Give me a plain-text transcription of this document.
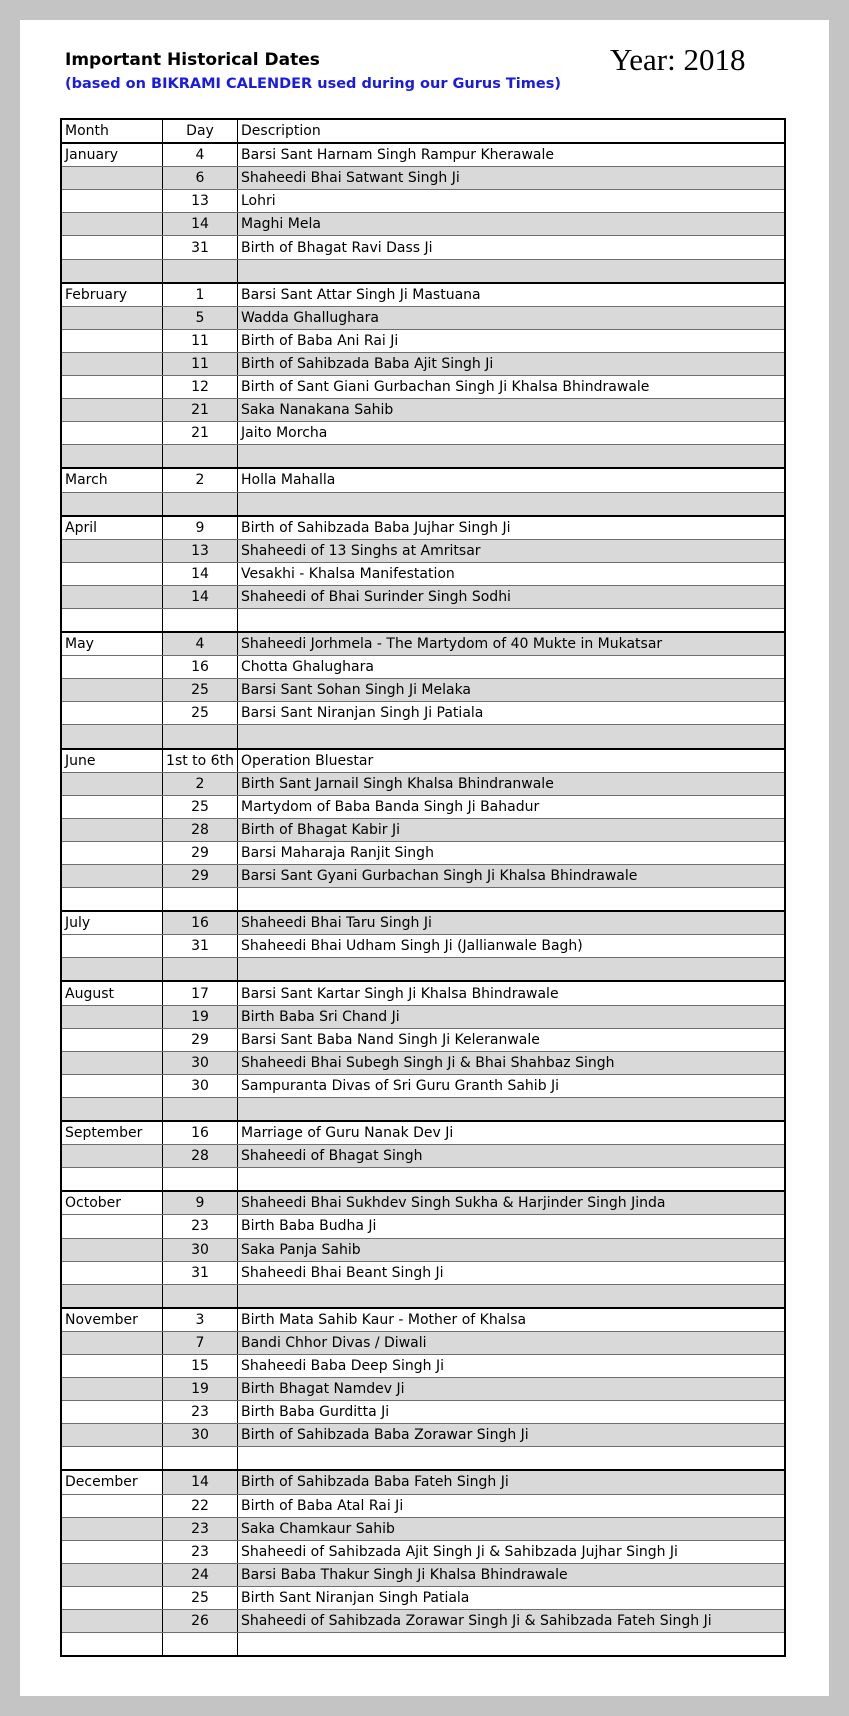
Important Historical Dates
(based on BIKRAMI CALENDER used during our Gurus Times)
Year: 2018
Month	Day	Description
January	4	Barsi Sant Harnam Singh Rampur Kherawale
	6	Shaheedi Bhai Satwant Singh Ji
	13	Lohri
	14	Maghi Mela
	31	Birth of Bhagat Ravi Dass Ji

February	1	Barsi Sant Attar Singh Ji Mastuana
	5	Wadda Ghallughara
	11	Birth of Baba Ani Rai Ji
	11	Birth of Sahibzada Baba Ajit Singh Ji
	12	Birth of Sant Giani Gurbachan Singh Ji Khalsa Bhindrawale
	21	Saka Nanakana Sahib
	21	Jaito Morcha

March	2	Holla Mahalla

April	9	Birth of Sahibzada Baba Jujhar Singh Ji
	13	Shaheedi of 13 Singhs at Amritsar
	14	Vesakhi - Khalsa Manifestation
	14	Shaheedi of Bhai Surinder Singh Sodhi

May	4	Shaheedi Jorhmela - The Martydom of 40 Mukte in Mukatsar
	16	Chotta Ghalughara
	25	Barsi Sant Sohan Singh Ji Melaka
	25	Barsi Sant Niranjan Singh Ji Patiala

June	1st to 6th	Operation Bluestar
	2	Birth Sant Jarnail Singh Khalsa Bhindranwale
	25	Martydom of Baba Banda Singh Ji Bahadur
	28	Birth of Bhagat Kabir Ji
	29	Barsi Maharaja Ranjit Singh
	29	Barsi Sant Gyani Gurbachan Singh Ji Khalsa Bhindrawale

July	16	Shaheedi Bhai Taru Singh Ji
	31	Shaheedi Bhai Udham Singh Ji (Jallianwale Bagh)

August	17	Barsi Sant Kartar Singh Ji Khalsa Bhindrawale
	19	Birth Baba Sri Chand Ji
	29	Barsi Sant Baba Nand Singh Ji Keleranwale
	30	Shaheedi Bhai Subegh Singh Ji & Bhai Shahbaz Singh
	30	Sampuranta Divas of Sri Guru Granth Sahib Ji

September	16	Marriage of Guru Nanak Dev Ji
	28	Shaheedi of Bhagat Singh

October	9	Shaheedi Bhai Sukhdev Singh Sukha & Harjinder Singh Jinda
	23	Birth Baba Budha Ji
	30	Saka Panja Sahib
	31	Shaheedi Bhai Beant Singh Ji

November	3	Birth Mata Sahib Kaur - Mother of Khalsa
	7	Bandi Chhor Divas / Diwali
	15	Shaheedi Baba Deep Singh Ji
	19	Birth Bhagat Namdev Ji
	23	Birth Baba Gurditta Ji
	30	Birth of Sahibzada Baba Zorawar Singh Ji

December	14	Birth of Sahibzada Baba Fateh Singh Ji
	22	Birth of Baba Atal Rai Ji
	23	Saka Chamkaur Sahib
	23	Shaheedi of Sahibzada Ajit Singh Ji & Sahibzada Jujhar Singh Ji
	24	Barsi Baba Thakur Singh Ji Khalsa Bhindrawale
	25	Birth Sant Niranjan Singh Patiala
	26	Shaheedi of Sahibzada Zorawar Singh Ji & Sahibzada Fateh Singh Ji
